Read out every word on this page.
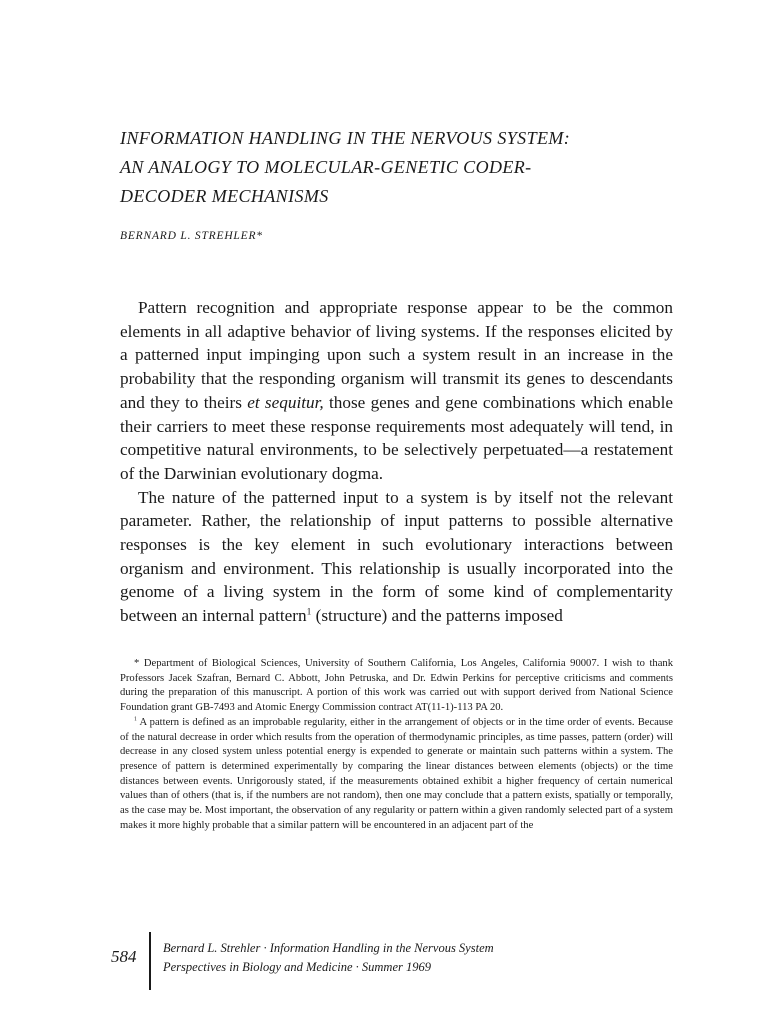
INFORMATION HANDLING IN THE NERVOUS SYSTEM:
AN ANALOGY TO MOLECULAR-GENETIC CODER-
DECODER MECHANISMS
BERNARD L. STREHLER*

Pattern recognition and appropriate response appear to be the common elements in all adaptive behavior of living systems. If the responses elicited by a patterned input impinging upon such a system result in an increase in the probability that the responding organism will transmit its genes to descendants and they to theirs et sequitur, those genes and gene combinations which enable their carriers to meet these response requirements most adequately will tend, in competitive natural environments, to be selectively perpetuated—a restatement of the Darwinian evolutionary dogma.

The nature of the patterned input to a system is by itself not the relevant parameter. Rather, the relationship of input patterns to possible alternative responses is the key element in such evolutionary interactions between organism and environment. This relationship is usually incorporated into the genome of a living system in the form of some kind of complementarity between an internal pattern$^1$ (structure) and the patterns imposed

* Department of Biological Sciences, University of Southern California, Los Angeles, California 90007. I wish to thank Professors Jacek Szafran, Bernard C. Abbott, John Petruska, and Dr. Edwin Perkins for perceptive criticisms and comments during the preparation of this manuscript. A portion of this work was carried out with support derived from National Science Foundation grant GB-7493 and Atomic Energy Commission contract AT(11-1)-113 PA 20.

$^1$ A pattern is defined as an improbable regularity, either in the arrangement of objects or in the time order of events. Because of the natural decrease in order which results from the operation of thermodynamic principles, as time passes, pattern (order) will decrease in any closed system unless potential energy is expended to generate or maintain such patterns within a system. The presence of pattern is determined experimentally by comparing the linear distances between elements (objects) or the time distances between events. Unrigorously stated, if the measurements obtained exhibit a higher frequency of certain numerical values than of others (that is, if the numbers are not random), then one may conclude that a pattern exists, spatially or temporally, as the case may be. Most important, the observation of any regularity or pattern within a given randomly selected part of a system makes it more highly probable that a similar pattern will be encountered in an adjacent part of the

584 Bernard L. Strehler · Information Handling in the Nervous System
Perspectives in Biology and Medicine · Summer 1969
